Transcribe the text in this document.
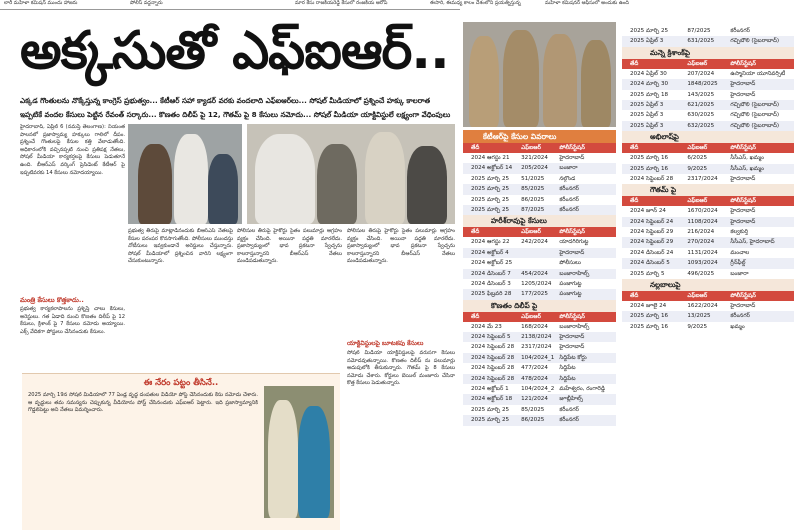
లారీ మహిళా కమిషన్ ముందు హాజరు	పోలీస్ వద్దన్నారు	మార కేసు రాజకీయరెడ్డి కేసులో రంజకీయ ఆరోపి	ఈసారి, ఈమధ్య కాలం దేశంలోని ప్రయత్నిస్తున్న	మహిళా కమిషనర్ ఆఫీసులో అందుకు ఉంది
అక్కసుతో ఎఫ్ఐఆర్..
ఎక్కడ గొంతులను నొక్కేస్తున్న కాంగ్రెస్ ప్రభుత్వం... కేటీఆర్ సహా క్యాడర్ వరకు వందలాది ఎఫ్ఐఆర్‌లు... సోషల్ మీడియాలో ప్రశ్నించే హక్కు కాలరాత
ఇప్పటికే వందల కేసులు పెట్టిన రేవంత్ సర్కారు... కొణతం దిలీప్ పై 12, గౌతమ్ పై 8 కేసులు నమోదు... సోషల్ మీడియా యాక్టివిస్టులే లక్ష్యంగా వేధింపులు
హైదరాబాద్, ఏప్రిల్ 6 (నమస్తే తెలంగాణ): నియంత పాలనలో ప్రజాస్వామ్య హక్కులు గాలిలో దీపం. ప్రశ్నించే గొంతులపై కేసుల కత్తి వేలాడుతోంది. అధికారంలోకి వచ్చినప్పటి నుంచి ప్రతిపక్ష నేతలు, సోషల్ మీడియా కార్యకర్తలపై కేసులు పెడుతూనే ఉంది. బీఆర్ఎస్ వర్కింగ్ ప్రెసిడెంట్ కేటీఆర్ పై ఇప్పటివరకు 14 కేసులు నమోదయ్యాయి.
మంత్రి కేసులు కొత్తకాదు..
ప్రభుత్వ కార్యకలాపాలను ప్రశ్నిస్తే చాలు కేసులు, అరెస్టులు. గత ఏడాది నుంచి కొణతం దిలీప్ పై 12 కేసులు, క్రిశాంక్ పై 7 కేసులు నమోదు అయ్యాయి. ఎక్స్ వేదికగా పోస్టులు చేసినందుకు కేసులు.
ప్రభుత్వ తీరుపై మాట్లాడినందుకు బీఆర్ఎస్ నేతలపై కేసుల పరంపర కొనసాగుతోంది. పోలీసులు ముందస్తు నోటీసులు ఇవ్వకుండానే అరెస్టులు చేస్తున్నారు. సోషల్ మీడియాలో ప్రశ్నించిన వారిని లక్ష్యంగా చేసుకుంటున్నారు.
పోలీసుల తీరుపై హైకోర్టు సైతం పలుమార్లు ఆగ్రహం వ్యక్తం చేసింది. అయినా పద్ధతి మారలేదు. ప్రజాస్వామ్యంలో భావ ప్రకటనా స్వేచ్ఛను కాలరాస్తున్నారని బీఆర్ఎస్ నేతలు మండిపడుతున్నారు.
పోలీసుల తీరుపై హైకోర్టు సైతం పలుమార్లు ఆగ్రహం వ్యక్తం చేసింది. అయినా పద్ధతి మారలేదు. ప్రజాస్వామ్యంలో భావ ప్రకటనా స్వేచ్ఛను కాలరాస్తున్నారని బీఆర్ఎస్ నేతలు మండిపడుతున్నారు.
యాక్టివిస్టులపై బూటకపు కేసులు
సోషల్ మీడియా యాక్టివిస్టులపై వరుసగా కేసులు నమోదవుతున్నాయి. కొణతం దిలీప్ ను పలుమార్లు అదుపులోకి తీసుకున్నారు. గౌతమ్ పై 8 కేసులు నమోదు చేశారు. కోర్టులు బెయిల్ మంజూరు చేసినా కొత్త కేసులు పెడుతున్నారు.
ఈ నేరం పట్టం తీసినే..
2025 మార్చి 19న సోషల్ మీడియాలో 77 ఏండ్ల వృద్ధ దంపతుల వీడియో పోస్ట్ చేసినందుకు కేసు నమోదు చేశారు. ఆ వృద్ధులు తమ సమస్యను చెప్పుకున్న వీడియోను పోస్ట్ చేసినందుకు ఎఫ్ఐఆర్ పెట్టారు. ఇది ప్రజాస్వామ్యానికి గొడ్డలిపెట్టు అని నేతలు విమర్శించారు.
కేటీఆర్‌పై కేసుల వివరాలు
తేదీ	ఎఫ్ఐఆర్	పోలీస్‌స్టేషన్
2024 ఆగస్టు 21	321/2024	హైదరాబాద్
2024 అక్టోబర్ 14	205/2024	బంజారా
2025 మార్చి 25	51/2025	నల్గొండ
2025 మార్చి 25	85/2025	కరీంనగర్
2025 మార్చి 25	86/2025	కరీంనగర్
2025 మార్చి 25	87/2025	కరీంనగర్
హరీశ్‌రావుపై కేసులు
తేదీ	ఎఫ్ఐఆర్	పోలీస్‌స్టేషన్
2024 ఆగస్టు 22	242/2024	యాదగిరిగుట్ట
2024 అక్టోబర్ 4	హైదరాబాద్
2024 అక్టోబర్ 25	పోలీసులు
2024 డిసెంబర్ 7	454/2024	బంజారాహిల్స్
2024 డిసెంబర్ 3	1205/2024	పంజాగుట్ట
2025 ఫిబ్రవరి 28	177/2025	పంజాగుట్ట
కొణతం దిలీప్ పై
తేదీ	ఎఫ్ఐఆర్	పోలీస్‌స్టేషన్
2024 మే 23	168/2024	బంజారాహిల్స్
2024 సెప్టెంబర్ 5	2138/2024	హైదరాబాద్
2024 సెప్టెంబర్ 28	2317/2024	హైదరాబాద్
2024 సెప్టెంబర్ 28	104/2024_1 సిద్దిపేట కోర్టు
2024 సెప్టెంబర్ 28	477/2024	సిద్దిపేట
2024 సెప్టెంబర్ 28	478/2024	సిద్దిపేట
2024 అక్టోబర్ 1	104/2024_2 మహేశ్వరం, రంగారెడ్డి
2024 అక్టోబర్ 18	121/2024	జూబ్లీహిల్స్
2025 మార్చి 25	85/2025	కరీంనగర్
2025 మార్చి 25	86/2025	కరీంనగర్
2025 మార్చి 25	87/2025	కరీంనగర్
2025 ఏప్రిల్ 3	631/2025	గచ్చిబౌలి (సైబరాబాద్)
మన్నె క్రిశాంక్‌పై
తేదీ	ఎఫ్ఐఆర్	పోలీస్‌స్టేషన్
2024 ఏప్రిల్ 30	207/2024	ఉస్మానియా యూనివర్సిటీ
2024 మార్చి 30	1848/2025	హైదరాబాద్
2025 మార్చి 18	143/2025	హైదరాబాద్
2025 ఏప్రిల్ 3	621/2025	గచ్చిబౌలి (సైబరాబాద్)
2025 ఏప్రిల్ 3	630/2025	గచ్చిబౌలి (సైబరాబాద్)
2025 ఏప్రిల్ 3	632/2025	గచ్చిబౌలి (సైబరాబాద్)
అభిలాష్‌పై
తేదీ	ఎఫ్ఐఆర్	పోలీస్‌స్టేషన్
2025 మార్చి 16	6/2025	సీసీఎస్, ఖమ్మం
2025 మార్చి 16	9/2025	సీసీఎస్, ఖమ్మం
2024 సెప్టెంబర్ 28	2317/2024	హైదరాబాద్
గౌతమ్ పై
తేదీ	ఎఫ్ఐఆర్	పోలీస్‌స్టేషన్
2024 జూన్ 24	1670/2024	హైదరాబాద్
2024 సెప్టెంబర్ 24	1108/2024	హైదరాబాద్
2024 సెప్టెంబర్ 29	216/2024	కల్వకుర్తి
2024 సెప్టెంబర్ 29	270/2024	సీసీఎస్, హైదరాబాద్
2024 డిసెంబర్ 24	1131/2024	మంచాల
2024 డిసెంబర్ 5	1093/2024	గ్రీన్‌ఫీల్డ్
2025 మార్చి 5	496/2025	బంజారా
నల్లబాలుపై
తేదీ	ఎఫ్ఐఆర్	పోలీస్‌స్టేషన్
2024 జూలై 24	1622/2024	హైదరాబాద్
2025 మార్చి 16	13/2025	కరీంనగర్
2025 మార్చి 16	9/2025	ఖమ్మం
